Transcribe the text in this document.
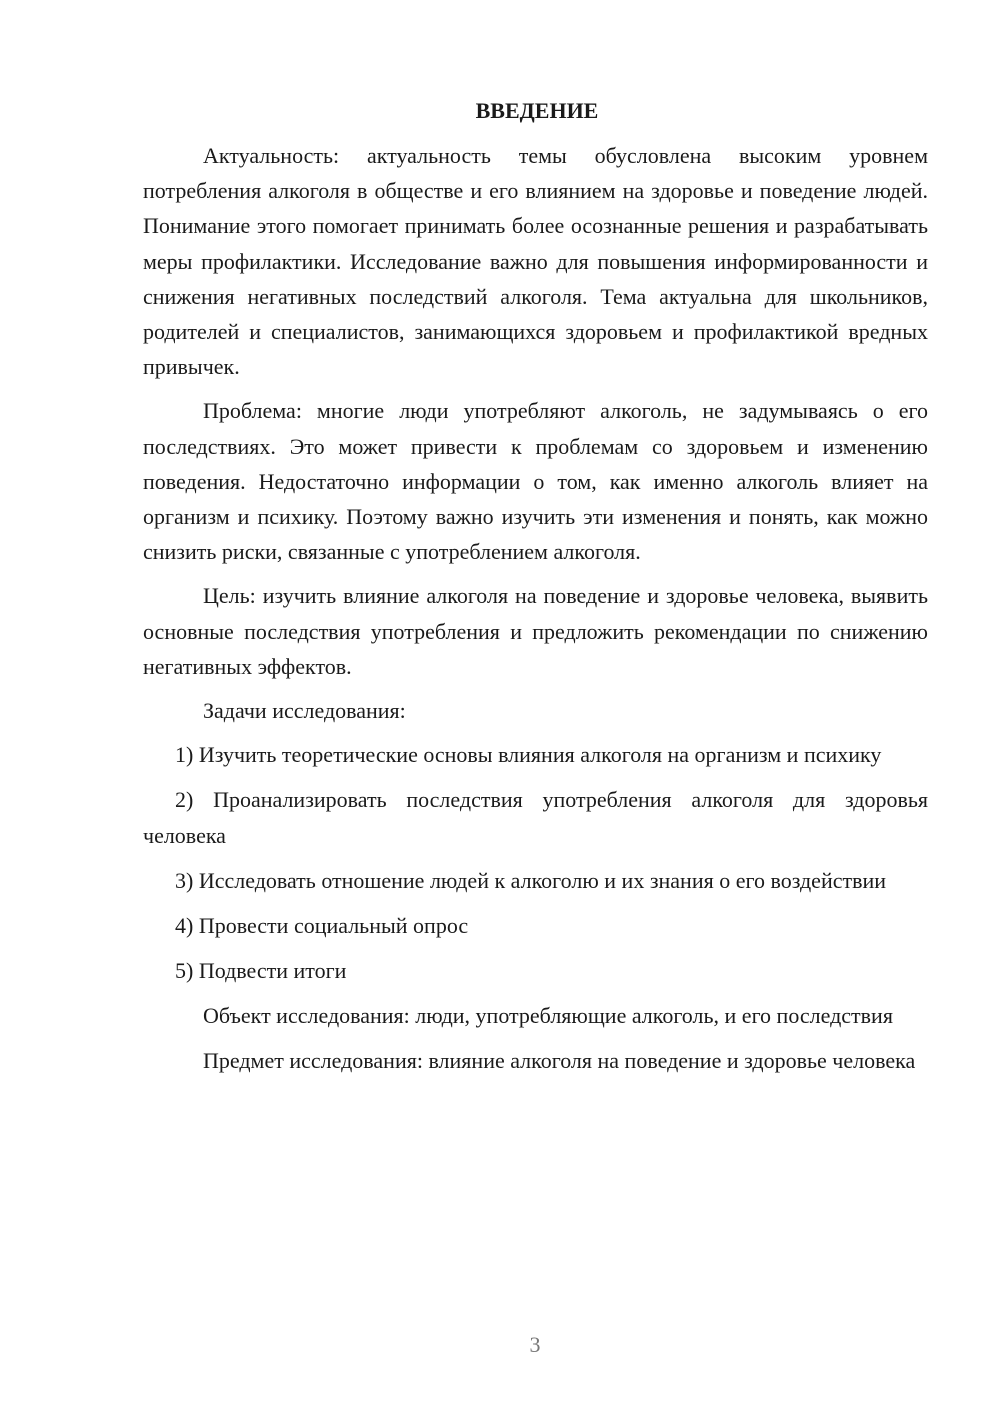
ВВЕДЕНИЕ

Актуальность: актуальность темы обусловлена высоким уровнем потребления алкоголя в обществе и его влиянием на здоровье и поведение людей. Понимание этого помогает принимать более осознанные решения и разрабатывать меры профилактики. Исследование важно для повышения информированности и снижения негативных последствий алкоголя. Тема актуальна для школьников, родителей и специалистов, занимающихся здоровьем и профилактикой вредных привычек.

Проблема: многие люди употребляют алкоголь, не задумываясь о его последствиях. Это может привести к проблемам со здоровьем и изменению поведения. Недостаточно информации о том, как именно алкоголь влияет на организм и психику. Поэтому важно изучить эти изменения и понять, как можно снизить риски, связанные с употреблением алкоголя.

Цель: изучить влияние алкоголя на поведение и здоровье человека, выявить основные последствия употребления и предложить рекомендации по снижению негативных эффектов.

Задачи исследования:

1) Изучить теоретические основы влияния алкоголя на организм и психику

2) Проанализировать последствия употребления алкоголя для здоровья человека

3) Исследовать отношение людей к алкоголю и их знания о его воздействии

4) Провести социальный опрос

5) Подвести итоги

Объект исследования: люди, употребляющие алкоголь, и его последствия

Предмет исследования: влияние алкоголя на поведение и здоровье человека

3
